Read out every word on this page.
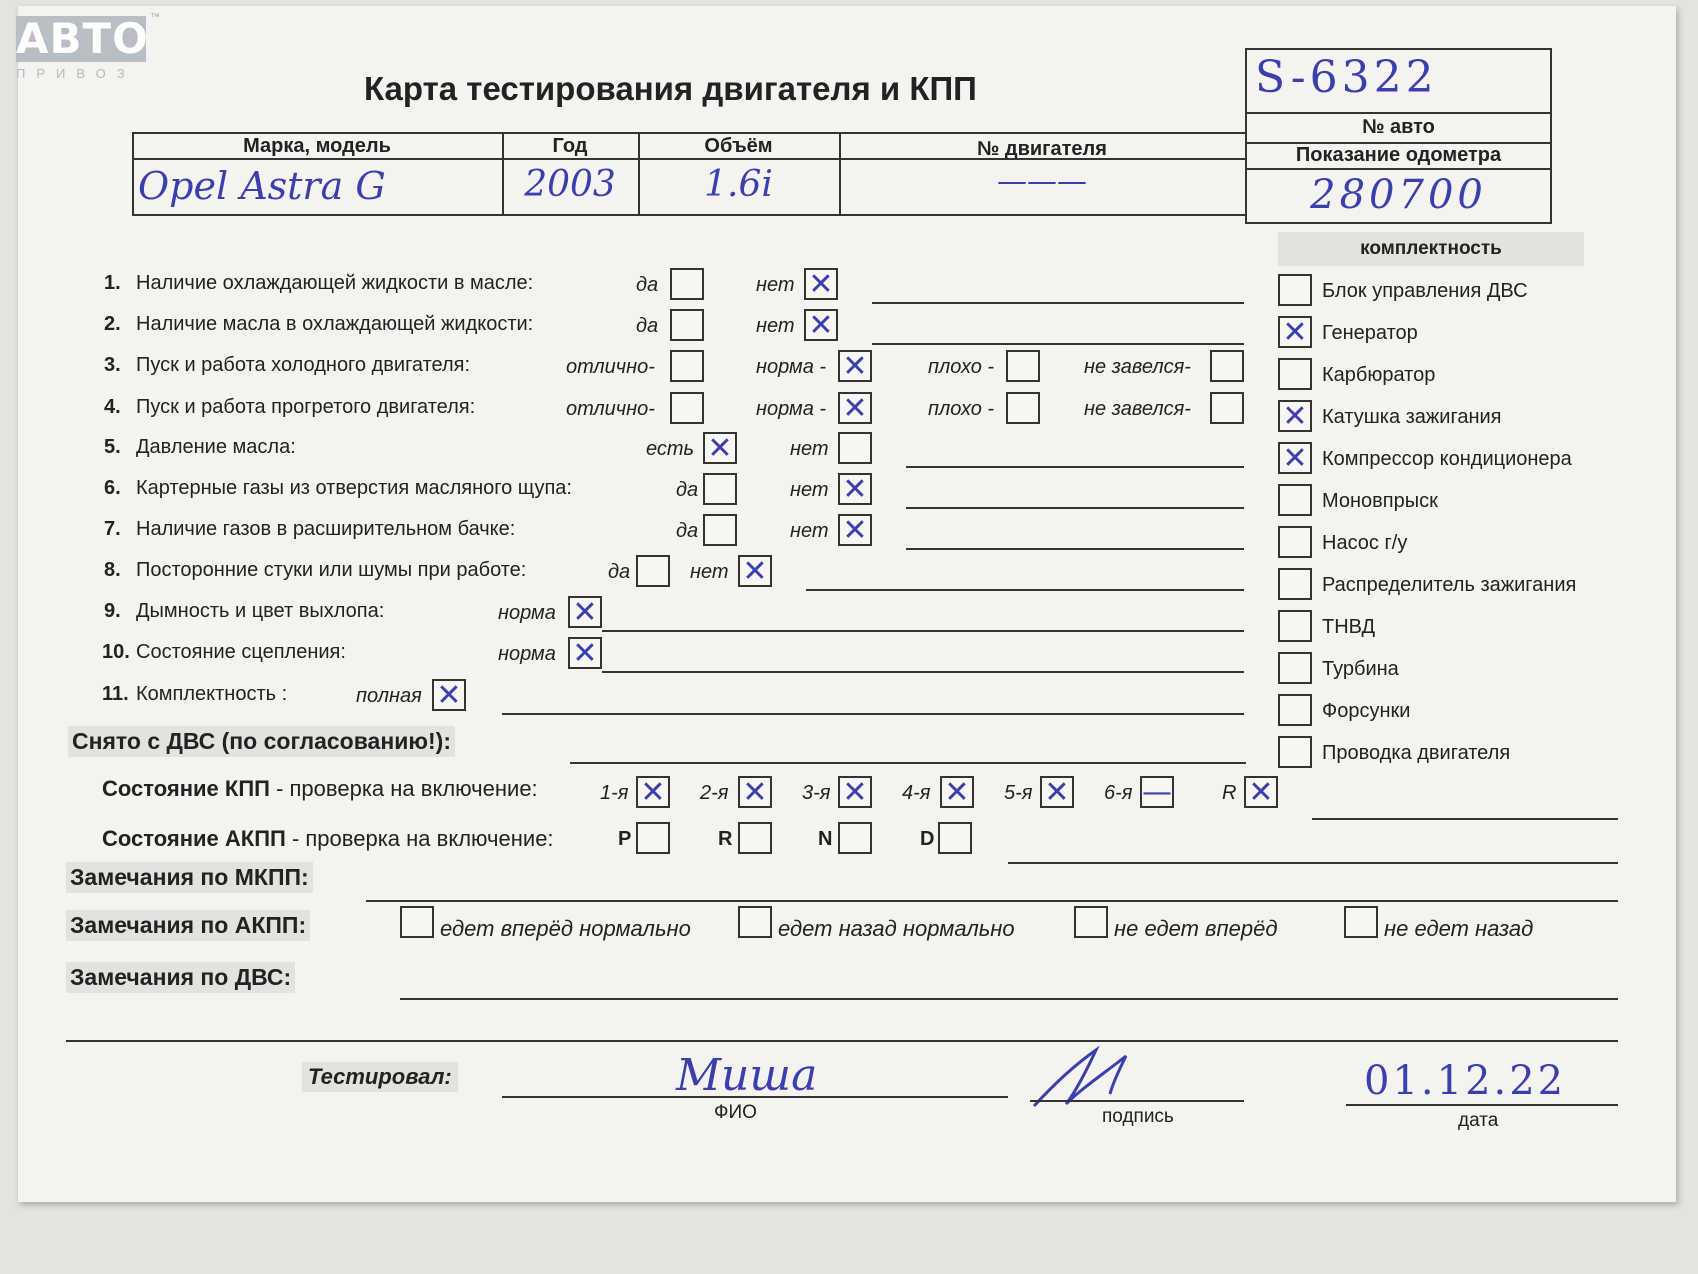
АВТО ™
ПРИВОЗ	Карта тестирования двигателя и КПП	S-6322
№ авто
Показание одометра
280700
Марка, модель	Год	Объём	№ двигателя
Opel Astra G	2003	1.6i	———
Снято с ДВС (по согласованию!):
комплектность
Состояние КПП - проверка на включение:
Состояние АКПП - проверка на включение:
Замечания по МКПП:
Замечания по АКПП:
Замечания по ДВС:
Тестировал:	Миша
ФИО	подпись
01.12.22
дата
1. Наличие охлаждающей жидкости в масле:	да	нет ✕
2. Наличие масла в охлаждающей жидкости:	да	нет ✕
3. Пуск и работа холодного двигателя:	отлично-	норма - ✕	плохо -	не завелся-
4. Пуск и работа прогретого двигателя:	отлично-	норма - ✕	плохо -	не завелся-
5. Давление масла:	есть ✕	нет
6. Картерные газы из отверстия масляного щупа:	да	нет ✕
7. Наличие газов в расширительном бачке:	да	нет ✕
8. Посторонние стуки или шумы при работе:	да	нет ✕
9. Дымность и цвет выхлопа:	норма ✕
10. Состояние сцепления:	норма ✕
11. Комплектность :	полная ✕
Блок управления ДВС
✕ Генератор
Карбюратор
✕ Катушка зажигания
✕ Компрессор кондиционера
Моновпрыск
Насос г/у
Распределитель зажигания
ТНВД
Турбина
Форсунки
Проводка двигателя
1-я ✕ 2-я ✕ 3-я ✕ 4-я ✕ 5-я ✕ 6-я —	R ✕
P	R	N	D
едет вперёд нормально	едет назад нормально	не едет вперёд	не едет назад
